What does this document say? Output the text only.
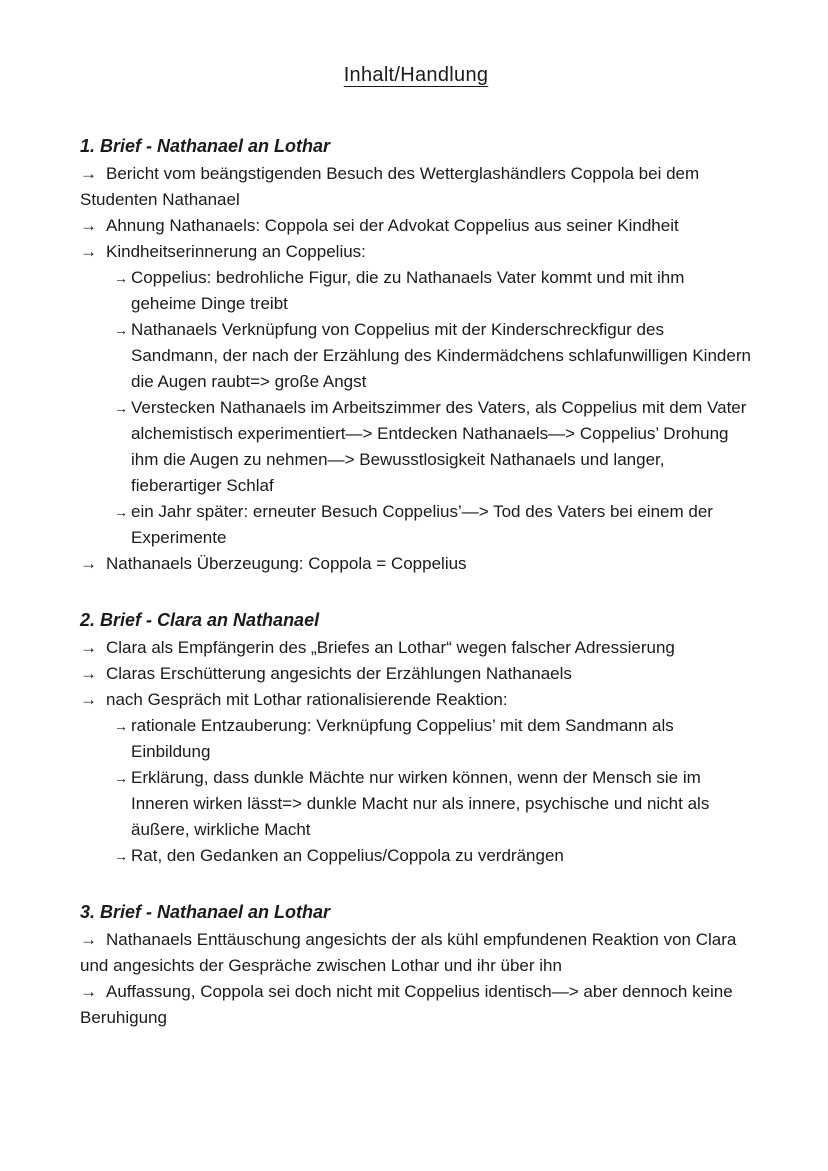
Inhalt/Handlung
1. Brief - Nathanael an Lothar
→ Bericht vom beängstigenden Besuch des Wetterglashändlers Coppola bei dem Studenten Nathanael
→ Ahnung Nathanaels: Coppola sei der Advokat Coppelius aus seiner Kindheit
→ Kindheitserinnerung an Coppelius:
→ Coppelius: bedrohliche Figur, die zu Nathanaels Vater kommt und mit ihm geheime Dinge treibt
→ Nathanaels Verknüpfung von Coppelius mit der Kinderschreckfigur des Sandmann, der nach der Erzählung des Kindermädchens schlafunwilligen Kindern die Augen raubt=> große Angst
→ Verstecken Nathanaels im Arbeitszimmer des Vaters, als Coppelius mit dem Vater alchemistisch experimentiert—> Entdecken Nathanaels—> Coppelius’ Drohung ihm die Augen zu nehmen—> Bewusstlosigkeit Nathanaels und langer, fieberartiger Schlaf
→ ein Jahr später: erneuter Besuch Coppelius’—> Tod des Vaters bei einem der Experimente
→ Nathanaels Überzeugung: Coppola = Coppelius
2. Brief - Clara an Nathanael
→ Clara als Empfängerin des „Briefes an Lothar“ wegen falscher Adressierung
→ Claras Erschütterung angesichts der Erzählungen Nathanaels
→ nach Gespräch mit Lothar rationalisierende Reaktion:
→ rationale Entzauberung: Verknüpfung Coppelius’ mit dem Sandmann als Einbildung
→ Erklärung, dass dunkle Mächte nur wirken können, wenn der Mensch sie im Inneren wirken lässt=> dunkle Macht nur als innere, psychische und nicht als äußere, wirkliche Macht
→ Rat, den Gedanken an Coppelius/Coppola zu verdrängen
3. Brief - Nathanael an Lothar
→ Nathanaels Enttäuschung angesichts der als kühl empfundenen Reaktion von Clara und angesichts der Gespräche zwischen Lothar und ihr über ihn
→ Auffassung, Coppola sei doch nicht mit Coppelius identisch—> aber dennoch keine Beruhigung
